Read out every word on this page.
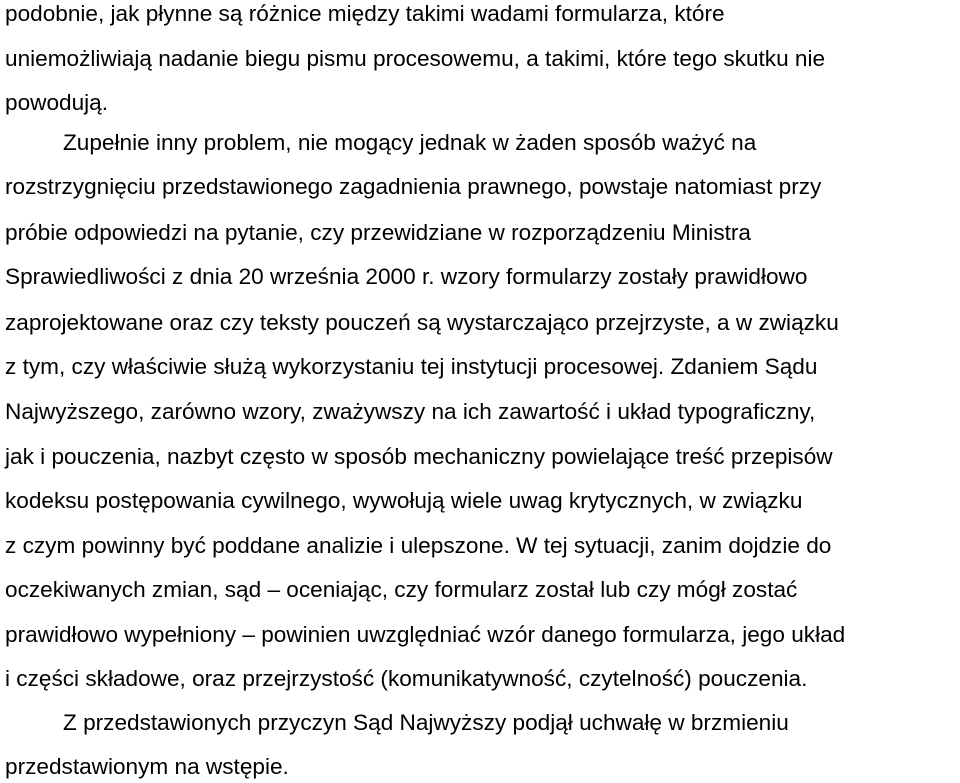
podobnie, jak płynne są różnice między takimi wadami formularza, które
uniemożliwiają nadanie biegu pismu procesowemu, a takimi, które tego skutku nie
powodują.
Zupełnie inny problem, nie mogący jednak w żaden sposób ważyć na
rozstrzygnięciu przedstawionego zagadnienia prawnego, powstaje natomiast przy
próbie odpowiedzi na pytanie, czy przewidziane w rozporządzeniu Ministra
Sprawiedliwości z dnia 20 września 2000 r. wzory formularzy zostały prawidłowo
zaprojektowane oraz czy teksty pouczeń są wystarczająco przejrzyste, a w związku
z tym, czy właściwie służą wykorzystaniu tej instytucji procesowej. Zdaniem Sądu
Najwyższego, zarówno wzory, zważywszy na ich zawartość i układ typograficzny,
jak i pouczenia, nazbyt często w sposób mechaniczny powielające treść przepisów
kodeksu postępowania cywilnego, wywołują wiele uwag krytycznych, w związku
z czym powinny być poddane analizie i ulepszone. W tej sytuacji, zanim dojdzie do
oczekiwanych zmian, sąd – oceniając, czy formularz został lub czy mógł zostać
prawidłowo wypełniony – powinien uwzględniać wzór danego formularza, jego układ
i części składowe, oraz przejrzystość (komunikatywność, czytelność) pouczenia.
Z przedstawionych przyczyn Sąd Najwyższy podjął uchwałę w brzmieniu
przedstawionym na wstępie.
